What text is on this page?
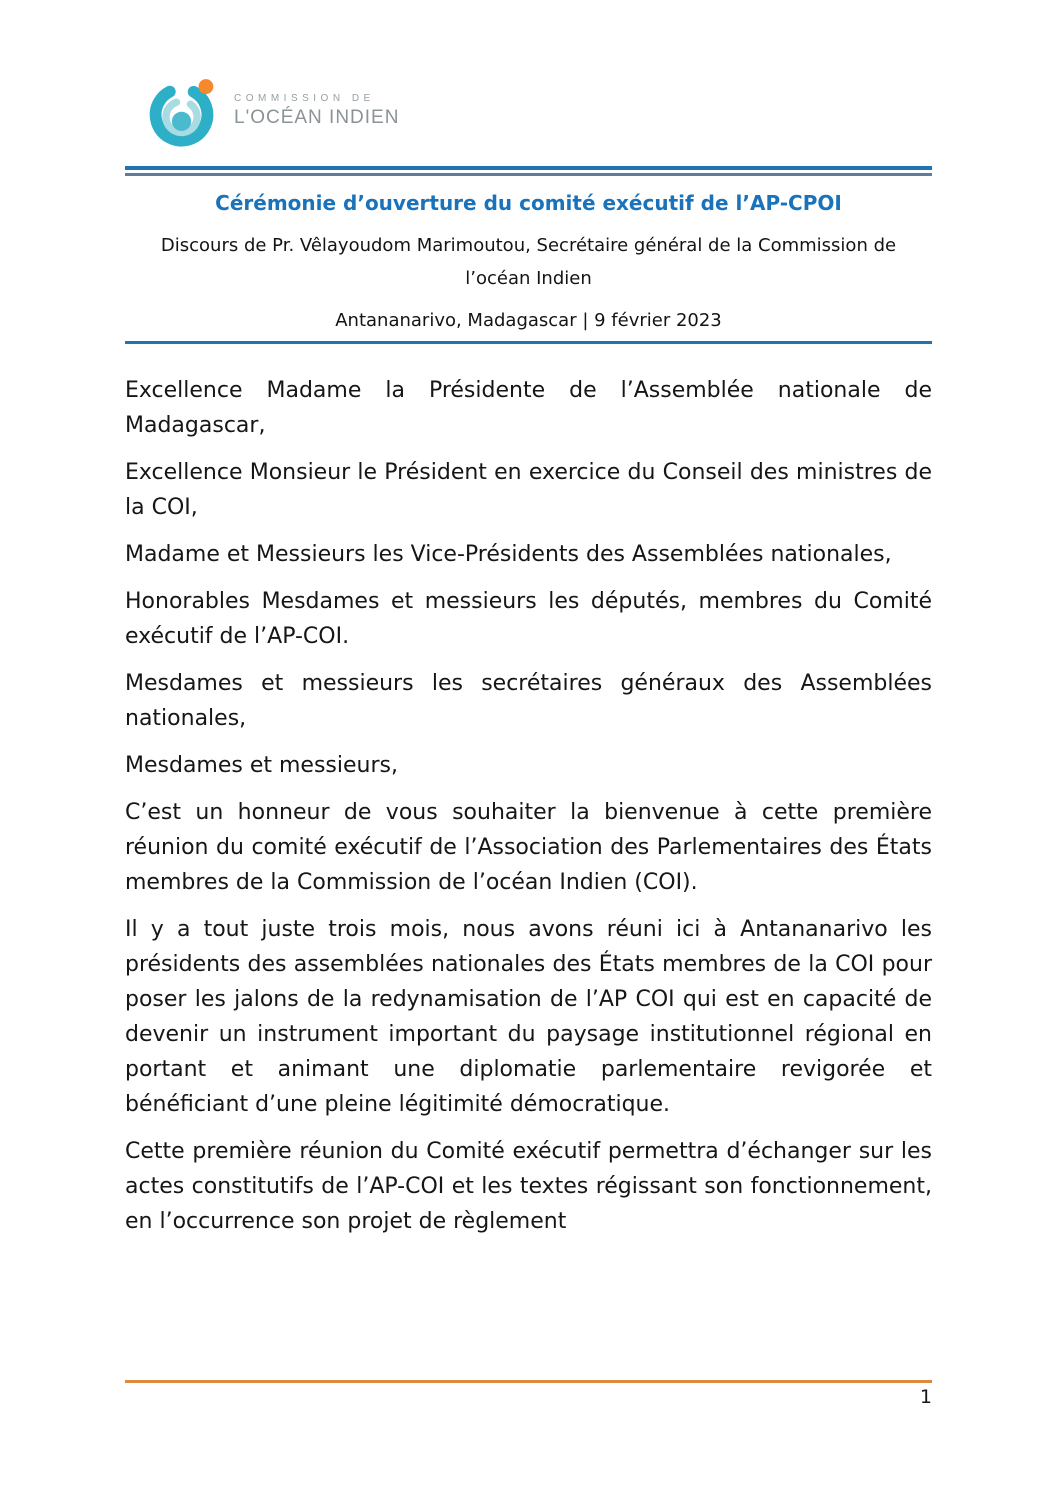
COMMISSION DE
L'OCÉAN INDIEN
Cérémonie d’ouverture du comité exécutif de l’AP-CPOI

Discours de Pr. Vêlayoudom Marimoutou, Secrétaire général de la Commission de l’océan Indien

Antananarivo, Madagascar | 9 février 2023

Excellence Madame la Présidente de l’Assemblée nationale de Madagascar,

Excellence Monsieur le Président en exercice du Conseil des ministres de la COI,

Madame et Messieurs les Vice-Présidents des Assemblées nationales,

Honorables Mesdames et messieurs les députés, membres du Comité exécutif de l’AP-COI.

Mesdames et messieurs les secrétaires généraux des Assemblées nationales,

Mesdames et messieurs,

C’est un honneur de vous souhaiter la bienvenue à cette première réunion du comité exécutif de l’Association des Parlementaires des États membres de la Commission de l’océan Indien (COI).

Il y a tout juste trois mois, nous avons réuni ici à Antananarivo les présidents des assemblées nationales des États membres de la COI pour poser les jalons de la redynamisation de l’AP COI qui est en capacité de devenir un instrument important du paysage institutionnel régional en portant et animant une diplomatie parlementaire revigorée et bénéficiant d’une pleine légitimité démocratique.

Cette première réunion du Comité exécutif permettra d’échanger sur les actes constitutifs de l’AP-COI et les textes régissant son fonctionnement, en l’occurrence son projet de règlement

1
